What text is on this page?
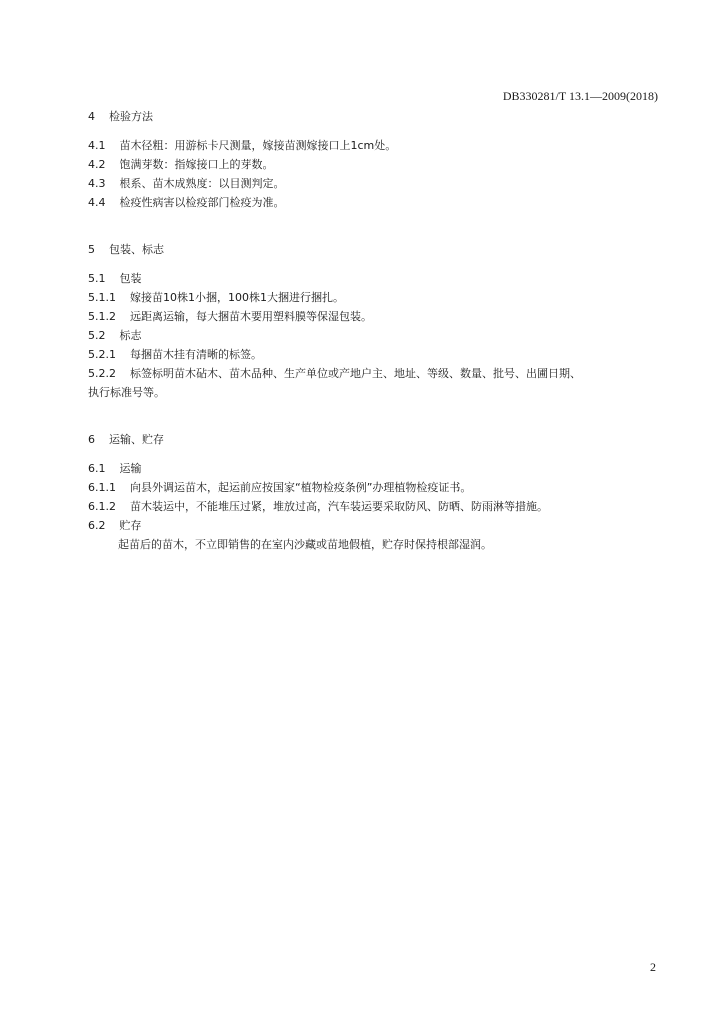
DB330281/T 13.1—2009(2018)
4 检验方法
4.1 苗木径粗：用游标卡尺测量，嫁接苗测嫁接口上1cm处。
4.2 饱满芽数：指嫁接口上的芽数。
4.3 根系、苗木成熟度：以目测判定。
4.4 检疫性病害以检疫部门检疫为准。
5 包装、标志
5.1 包装
5.1.1 嫁接苗10株1小捆，100株1大捆进行捆扎。
5.1.2 远距离运输，每大捆苗木要用塑料膜等保湿包装。
5.2 标志
5.2.1 每捆苗木挂有清晰的标签。
5.2.2 标签标明苗木砧木、苗木品种、生产单位或产地户主、地址、等级、数量、批号、出圃日期、
执行标准号等。
6 运输、贮存
6.1 运输
6.1.1 向县外调运苗木，起运前应按国家“植物检疫条例”办理植物检疫证书。
6.1.2 苗木装运中，不能堆压过紧，堆放过高，汽车装运要采取防风、防晒、防雨淋等措施。
6.2 贮存
起苗后的苗木，不立即销售的在室内沙藏或苗地假植，贮存时保持根部湿润。
2
